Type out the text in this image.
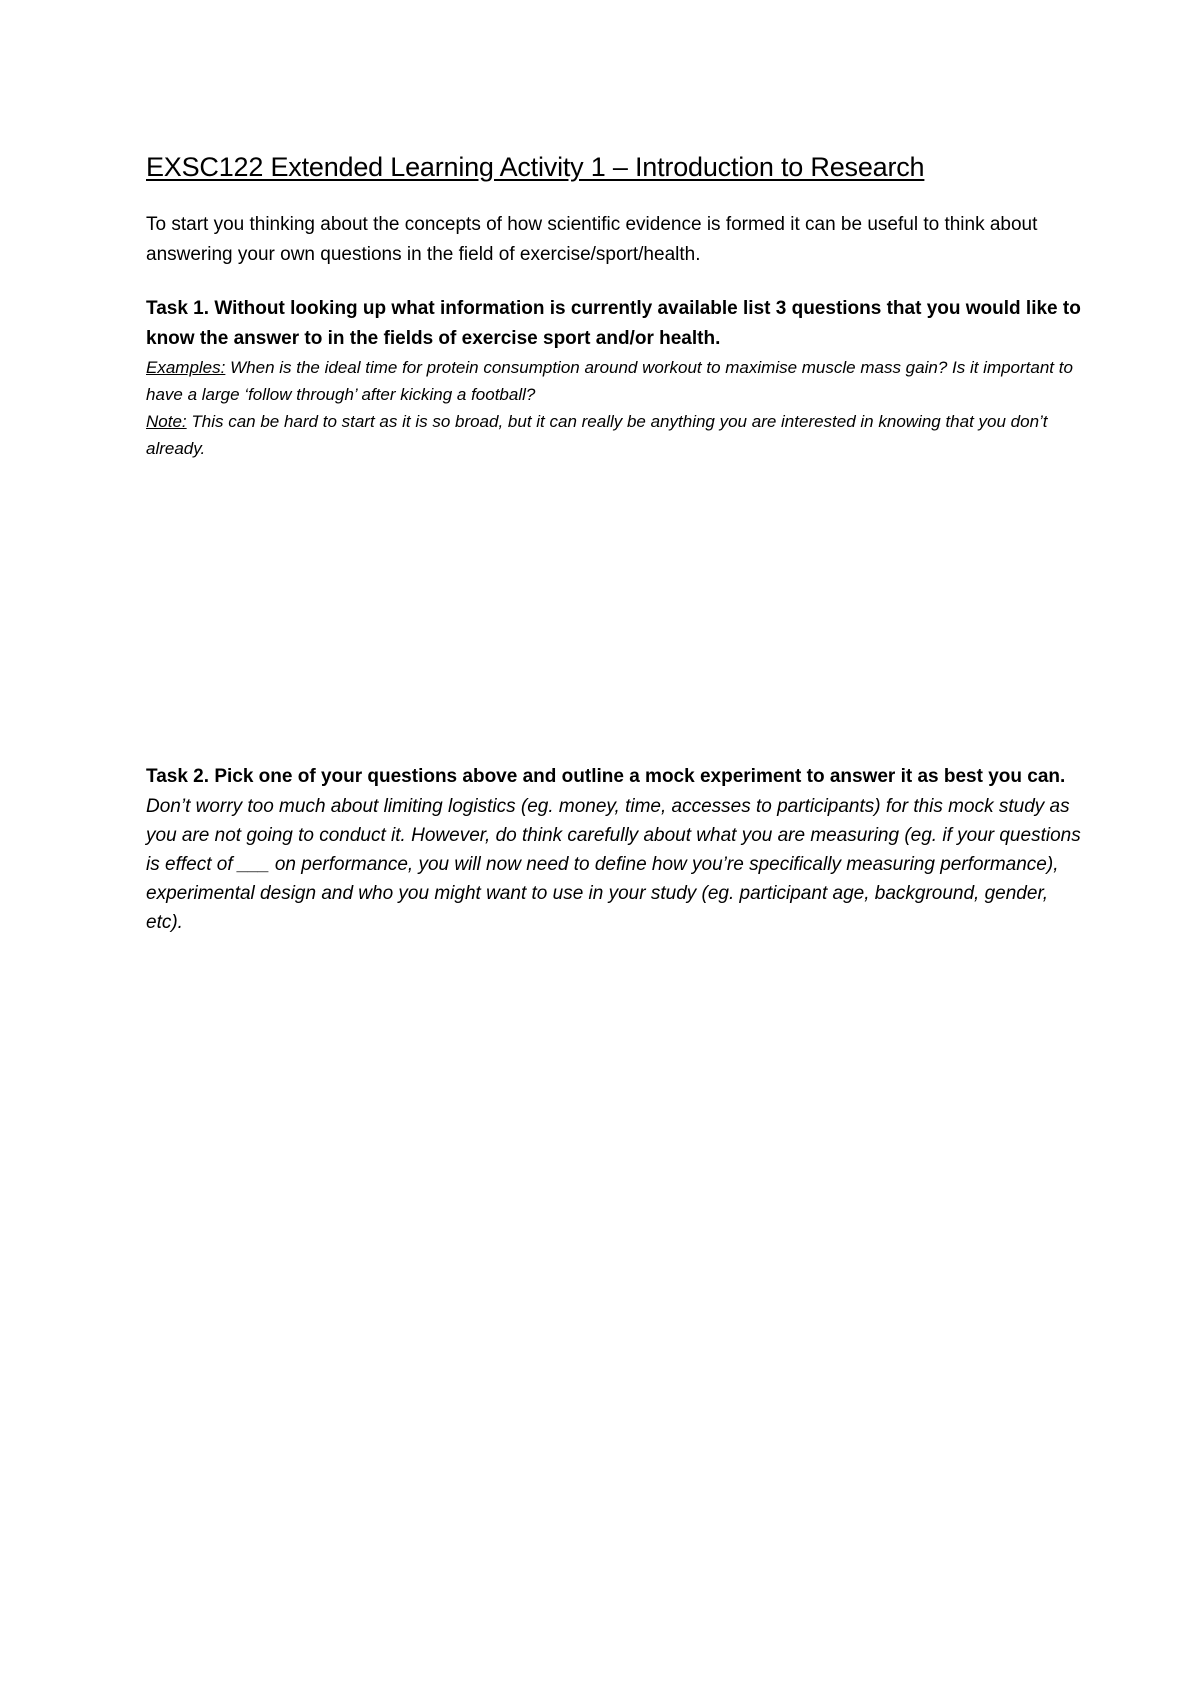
EXSC122 Extended Learning Activity 1 – Introduction to Research

To start you thinking about the concepts of how scientific evidence is formed it can be useful to think about answering your own questions in the field of exercise/sport/health.

Task 1. Without looking up what information is currently available list 3 questions that you would like to know the answer to in the fields of exercise sport and/or health.

Examples: When is the ideal time for protein consumption around workout to maximise muscle mass gain? Is it important to have a large ‘follow through’ after kicking a football?

Note: This can be hard to start as it is so broad, but it can really be anything you are interested in knowing that you don’t already.

Task 2. Pick one of your questions above and outline a mock experiment to answer it as best you can.

Don’t worry too much about limiting logistics (eg. money, time, accesses to participants) for this mock study as you are not going to conduct it. However, do think carefully about what you are measuring (eg. if your questions is effect of ___ on performance, you will now need to define how you’re specifically measuring performance), experimental design and who you might want to use in your study (eg. participant age, background, gender, etc).
